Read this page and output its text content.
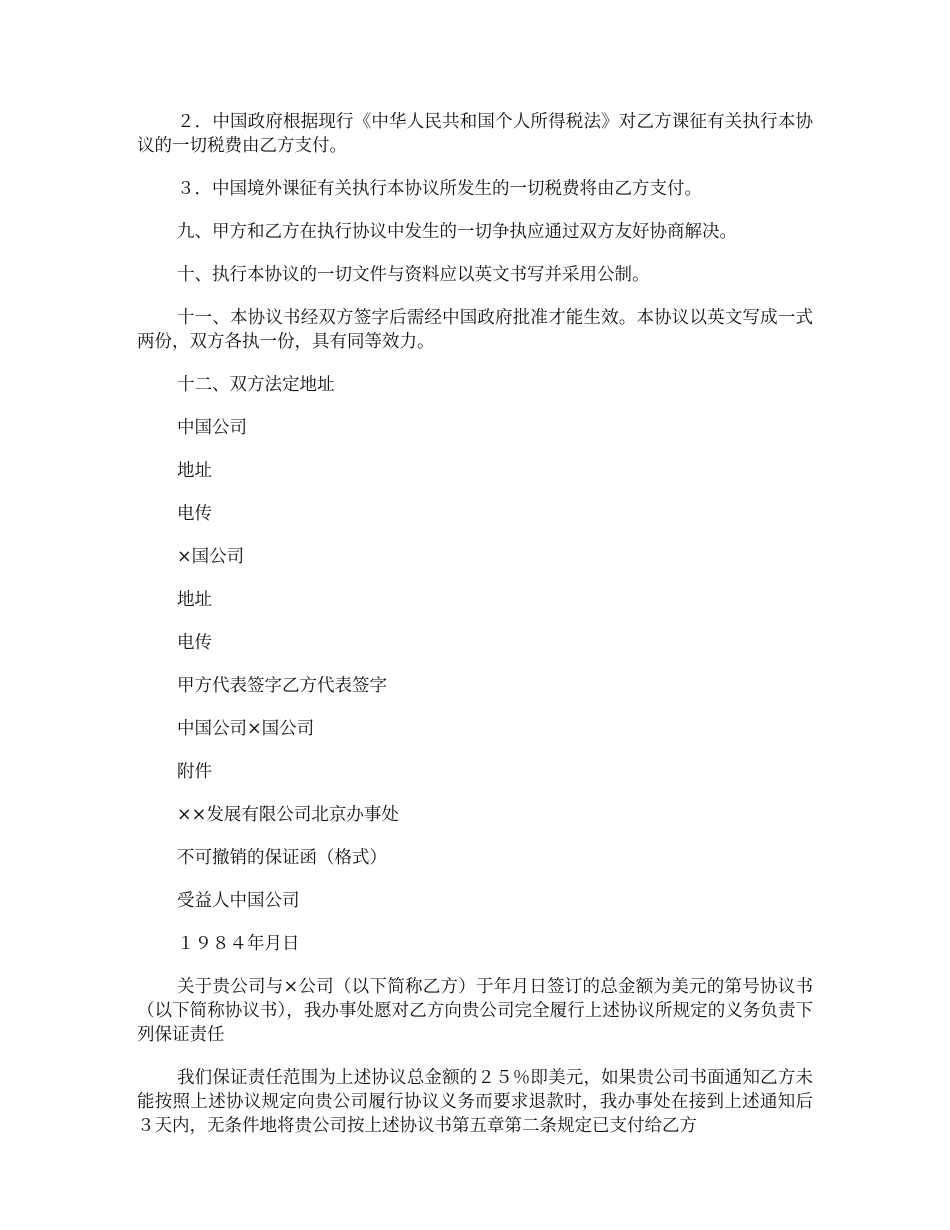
２．中国政府根据现行《中华人民共和国个人所得税法》对乙方课征有关执行本协议的一切税费由乙方支付。

３．中国境外课征有关执行本协议所发生的一切税费将由乙方支付。

九、甲方和乙方在执行协议中发生的一切争执应通过双方友好协商解决。

十、执行本协议的一切文件与资料应以英文书写并采用公制。

十一、本协议书经双方签字后需经中国政府批准才能生效。本协议以英文写成一式两份，双方各执一份，具有同等效力。

十二、双方法定地址

中国公司

地址

电传

×国公司

地址

电传

甲方代表签字乙方代表签字

中国公司×国公司

附件

××发展有限公司北京办事处

不可撤销的保证函（格式）

受益人中国公司

１９８４年月日

关于贵公司与×公司（以下简称乙方）于年月日签订的总金额为美元的第号协议书（以下简称协议书），我办事处愿对乙方向贵公司完全履行上述协议所规定的义务负责下列保证责任

我们保证责任范围为上述协议总金额的２５％即美元，如果贵公司书面通知乙方未能按照上述协议规定向贵公司履行协议义务而要求退款时，我办事处在接到上述通知后３天内，无条件地将贵公司按上述协议书第五章第二条规定已支付给乙方
